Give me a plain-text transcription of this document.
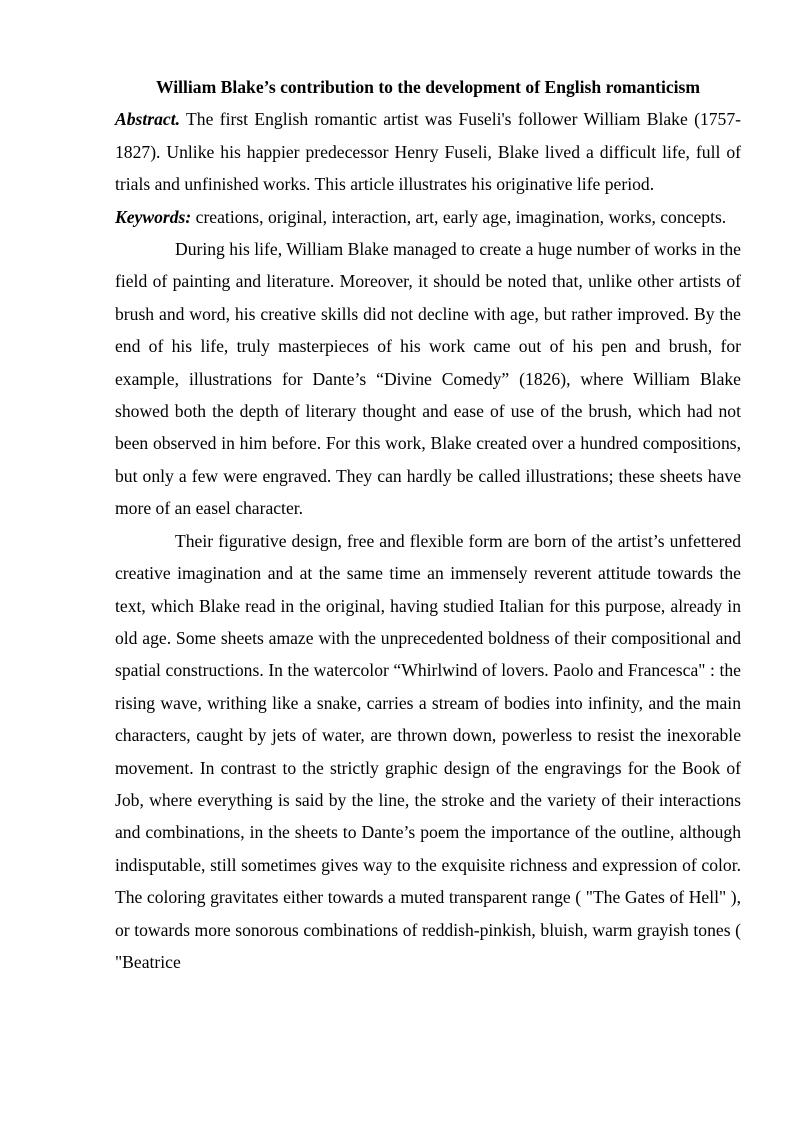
William Blake’s contribution to the development of English romanticism

Abstract. The first English romantic artist was Fuseli's follower William Blake (1757-1827). Unlike his happier predecessor Henry Fuseli, Blake lived a difficult life, full of trials and unfinished works. This article illustrates his originative life period.

Keywords: creations, original, interaction, art, early age, imagination, works, concepts.

During his life, William Blake managed to create a huge number of works in the field of painting and literature. Moreover, it should be noted that, unlike other artists of brush and word, his creative skills did not decline with age, but rather improved. By the end of his life, truly masterpieces of his work came out of his pen and brush, for example, illustrations for Dante’s “Divine Comedy” (1826), where William Blake showed both the depth of literary thought and ease of use of the brush, which had not been observed in him before. For this work, Blake created over a hundred compositions, but only a few were engraved. They can hardly be called illustrations; these sheets have more of an easel character.

Their figurative design, free and flexible form are born of the artist’s unfettered creative imagination and at the same time an immensely reverent attitude towards the text, which Blake read in the original, having studied Italian for this purpose, already in old age. Some sheets amaze with the unprecedented boldness of their compositional and spatial constructions. In the watercolor “Whirlwind of lovers. Paolo and Francesca" : the rising wave, writhing like a snake, carries a stream of bodies into infinity, and the main characters, caught by jets of water, are thrown down, powerless to resist the inexorable movement. In contrast to the strictly graphic design of the engravings for the Book of Job, where everything is said by the line, the stroke and the variety of their interactions and combinations, in the sheets to Dante’s poem the importance of the outline, although indisputable, still sometimes gives way to the exquisite richness and expression of color. The coloring gravitates either towards a muted transparent range ( "The Gates of Hell" ), or towards more sonorous combinations of reddish-pinkish, bluish, warm grayish tones ( "Beatrice
